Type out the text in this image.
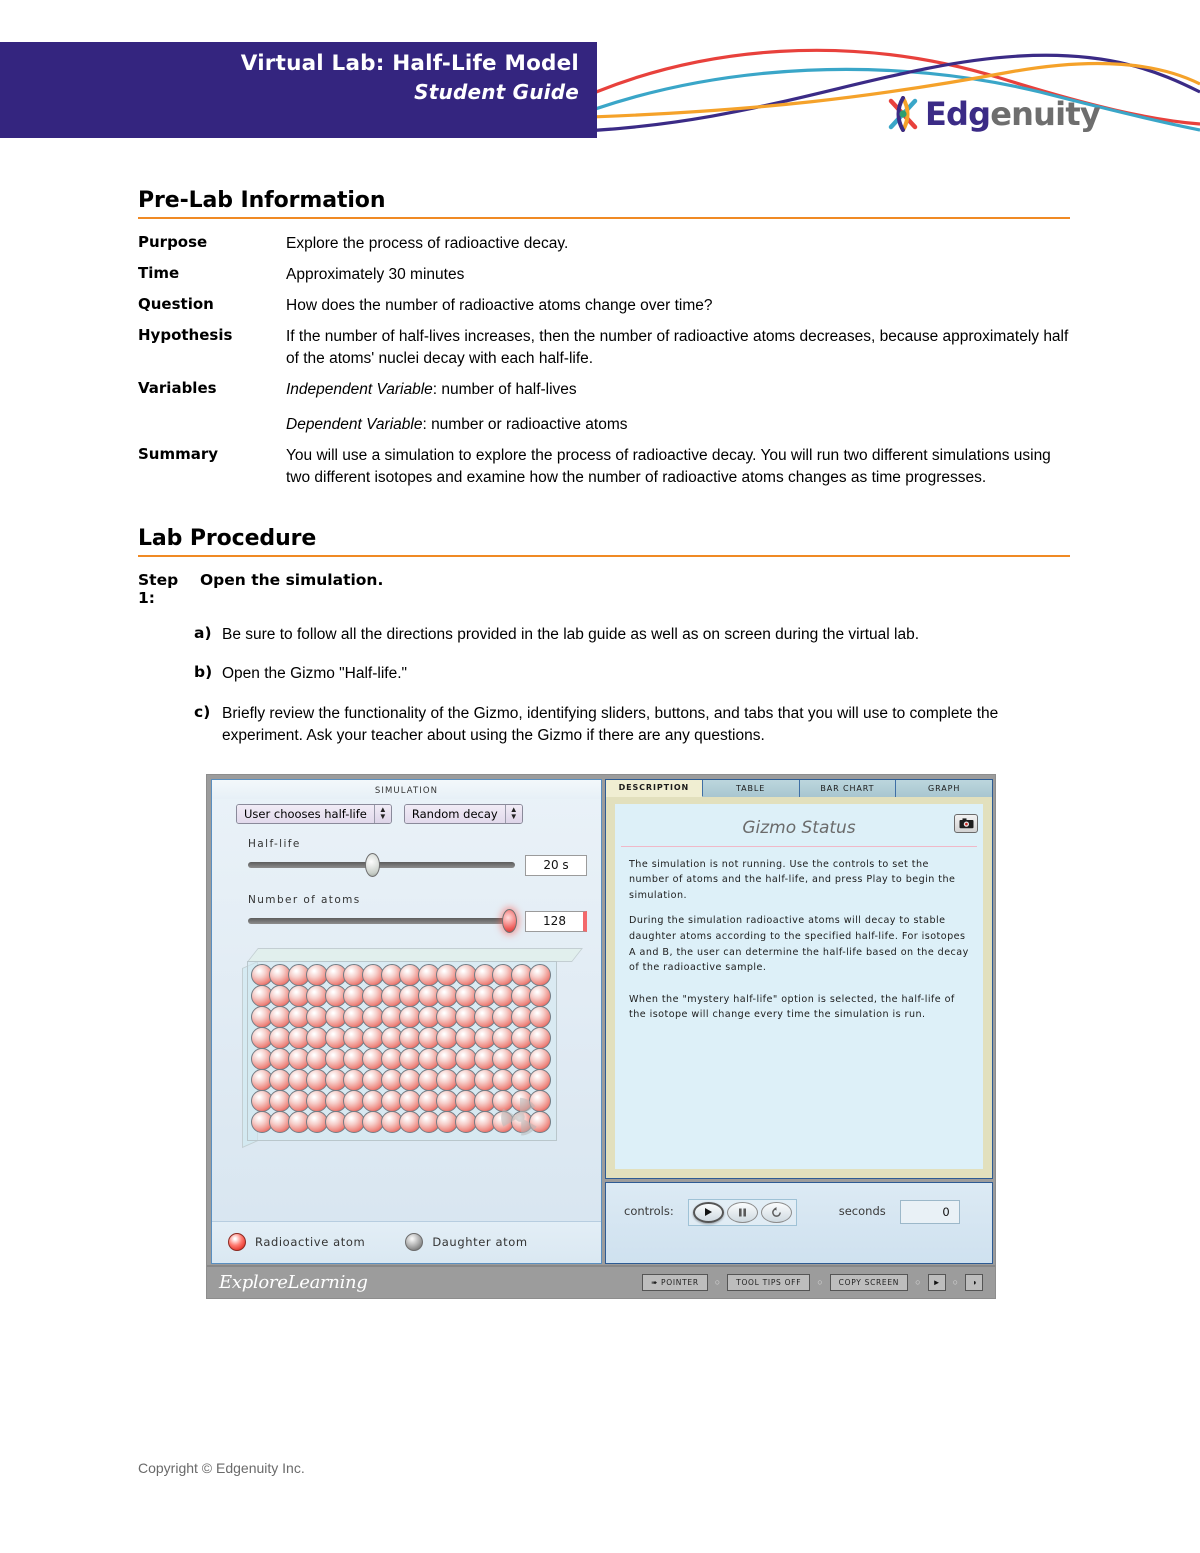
Virtual Lab: Half-Life Model
Student Guide
Edgenuity
Pre-Lab Information
Purpose	Explore the process of radioactive decay.
Time	Approximately 30 minutes
Question	How does the number of radioactive atoms change over time?
Hypothesis	If the number of half-lives increases, then the number of radioactive atoms decreases, because approximately half of the atoms' nuclei decay with each half-life.
Variables	Independent Variable: number of half-lives
Dependent Variable: number or radioactive atoms

Summary	You will use a simulation to explore the process of radioactive decay. You will run two different simulations using two different isotopes and examine how the number of radioactive atoms changes as time progresses.
Lab Procedure
Step 1:
Open the simulation.
a) Be sure to follow all the directions provided in the lab guide as well as on screen during the virtual lab.
b) Open the Gizmo "Half-life."
c) Briefly review the functionality of the Gizmo, identifying sliders, buttons, and tabs that you will use to complete the experiment. Ask your teacher about using the Gizmo if there are any questions.
SIMULATION
User chooses half-life	▲
▼	Random decay	▲
▼
Half-life
20 s
Number of atoms
128
Radioactive atom	Daughter atom
DESCRIPTION	TABLE	BAR CHART	GRAPH
Gizmo Status
The simulation is not running. Use the controls to set the number of atoms and the half-life, and press Play to begin the simulation.
During the simulation radioactive atoms will decay to stable daughter atoms according to the specified half-life. For isotopes A and B, the user can determine the half-life based on the decay of the radioactive sample.
When the "mystery half-life" option is selected, the half-life of the isotope will change every time the simulation is run.
controls:	seconds	0
ExploreLearning	➠ POINTER ○	TOOL TIPS OFF	○	COPY SCREEN	○	►	○	◑
Copyright © Edgenuity Inc.
